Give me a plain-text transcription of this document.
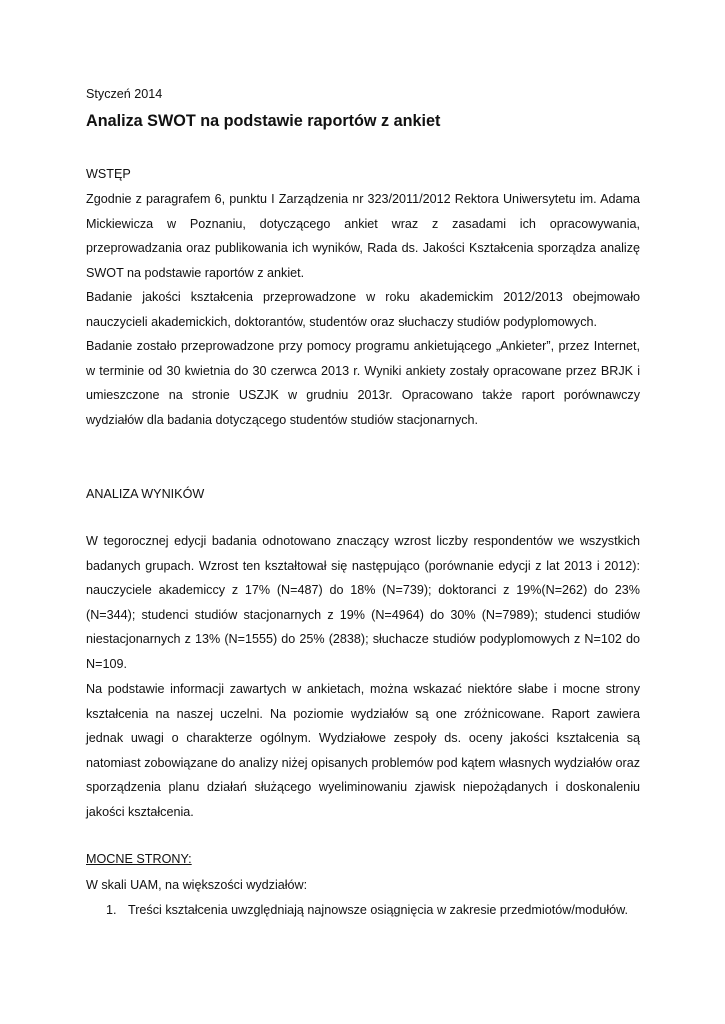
Styczeń 2014
Analiza SWOT na podstawie raportów z ankiet
WSTĘP

Zgodnie z paragrafem 6, punktu I Zarządzenia nr 323/2011/2012 Rektora Uniwersytetu im. Adama Mickiewicza w Poznaniu, dotyczącego ankiet wraz z zasadami ich opracowywania, przeprowadzania oraz publikowania ich wyników, Rada ds. Jakości Kształcenia sporządza analizę SWOT na podstawie raportów z ankiet.

Badanie jakości kształcenia przeprowadzone w roku akademickim 2012/2013 obejmowało nauczycieli akademickich, doktorantów, studentów oraz słuchaczy studiów podyplomowych.

Badanie zostało przeprowadzone przy pomocy programu ankietującego „Ankieter”, przez Internet, w terminie od 30 kwietnia do 30 czerwca 2013 r. Wyniki ankiety zostały opracowane przez BRJK i umieszczone na stronie USZJK w grudniu 2013r. Opracowano także raport porównawczy wydziałów dla badania dotyczącego studentów studiów stacjonarnych.

ANALIZA WYNIKÓW

W tegorocznej edycji badania odnotowano znaczący wzrost liczby respondentów we wszystkich badanych grupach. Wzrost ten kształtował się następująco (porównanie edycji z lat 2013 i 2012): nauczyciele akademiccy z 17% (N=487) do 18% (N=739); doktoranci z 19%(N=262) do 23%(N=344); studenci studiów stacjonarnych z 19% (N=4964) do 30% (N=7989); studenci studiów niestacjonarnych z 13% (N=1555) do 25% (2838); słuchacze studiów podyplomowych z N=102 do N=109.

Na podstawie informacji zawartych w ankietach, można wskazać niektóre słabe i mocne strony kształcenia na naszej uczelni. Na poziomie wydziałów są one zróżnicowane. Raport zawiera jednak uwagi o charakterze ogólnym. Wydziałowe zespoły ds. oceny jakości kształcenia są natomiast zobowiązane do analizy niżej opisanych problemów pod kątem własnych wydziałów oraz sporządzenia planu działań służącego wyeliminowaniu zjawisk niepożądanych i doskonaleniu jakości kształcenia.

MOCNE STRONY:
W skali UAM, na większości wydziałów:
1. Treści kształcenia uwzględniają najnowsze osiągnięcia w zakresie przedmiotów/modułów.
